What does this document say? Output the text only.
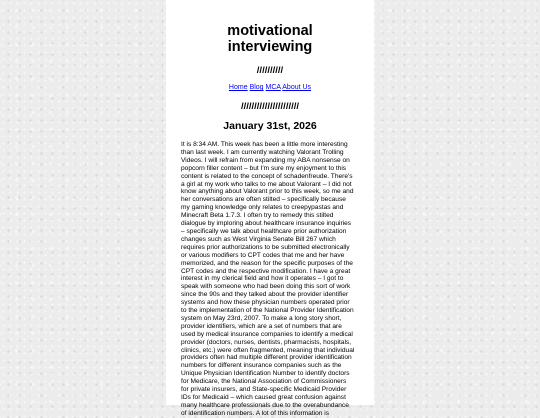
motivational
interviewing
//////////
Home Blog MCA About Us
//////////////////////
January 31st, 2026

It is 8:34 AM. This week has been a little more interesting
than last week. I am currently watching Valorant Trolling
Videos. I will refrain from expanding my ABA nonsense on
popcorn filler content – but I'm sure my enjoyment to this
content is related to the concept of schadenfreude. There's
a girl at my work who talks to me about Valorant – I did not
know anything about Valorant prior to this week, so me and
her conversations are often stilted – specifically because
my gaming knowledge only relates to creepypastas and
Minecraft Beta 1.7.3. I often try to remedy this stilted
dialogue by imploring about healthcare insurance inquiries
– specifically we talk about healthcare prior authorization
changes such as West Virginia Senate Bill 267 which
requires prior authorizations to be submitted electronically
or various modifiers to CPT codes that me and her have
memorized, and the reason for the specific purposes of the
CPT codes and the respective modification. I have a great
interest in my clerical field and how it operates – I got to
speak with someone who had been doing this sort of work
since the 90s and they talked about the provider identifier
systems and how these physician numbers operated prior
to the implementation of the National Provider Identification
system on May 23rd, 2007. To make a long story short,
provider identifiers, which are a set of numbers that are
used by medical insurance companies to identify a medical
provider (doctors, nurses, dentists, pharmacists, hospitals,
clinics, etc.) were often fragmented, meaning that individual
providers often had multiple different provider identification
numbers for different insurance companies such as the
Unique Physician Identification Number to identify doctors
for Medicare, the National Association of Commissioners
for private insurers, and State-specific Medicaid Provider
IDs for Medicaid – which caused great confusion against
many healthcare professionals due to the overabundance
of identification numbers. A lot of this information is
